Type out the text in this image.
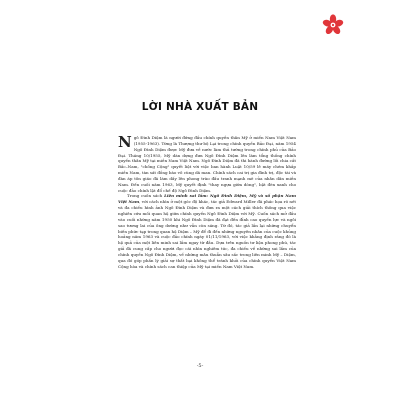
LỜI NHÀ XUẤT BẢN

Ngô Đình Diệm là người đứng đầu chính quyền thân Mỹ ở miền Nam Việt Nam (1955-1963). Từng là Thượng thư bộ Lại trong chính quyền Bảo Đại, năm 1954 Ngô Đình Diệm được Mỹ đưa về nước làm thủ tướng trong chính phủ của Bảo Đại. Tháng 10/1955, Mỹ dàn dựng đưa Ngô Đình Diệm lên làm tổng thống chính quyền thân Mỹ tại miền Nam Việt Nam. Ngô Đình Diệm đã thi hành đường lối chia cắt Bắc–Nam, "chống Cộng" quyết liệt với việc ban hành Luật 10/59 lê máy chém khắp miền Nam, tàn sát đồng bào vô cùng dã man. Chính sách cai trị gia đình trị, độc tài và đàn áp tôn giáo đã làm dấy lên phong trào đấu tranh mạnh mẽ của nhân dân miền Nam. Đến cuối năm 1963, Mỹ quyết định "thay ngựa giữa dòng", bật đèn xanh cho cuộc đảo chính lật đổ chế độ Ngô Đình Diệm.

Trong cuốn sách Liên minh sai lầm: Ngô Đình Diệm, Mỹ và số phận Nam Việt Nam, với cách nhìn ở một góc độ khác, tác giả Edward Miller đã phác họa rõ nét và đa chiều hình ảnh Ngô Đình Diệm và đưa ra một cách giải thích thông qua việc nghiên cứu mối quan hệ giữa chính quyền Ngô Đình Diệm với Mỹ. Cuốn sách mở đầu vào cuối những năm 1950 khi Ngô Đình Diệm đã đạt đến đỉnh cao quyền lực và ngôi sao tương lai của ông dường như vẫn còn sáng. Từ đó, tác giả lần lại những chuyển biến phức tạp trong quan hệ Diệm – Mỹ để đi đến những nguyên nhân của cuộc khủng hoảng năm 1963 và cuộc đảo chính ngày 01/11/1963, với việc khẳng định rằng đó là hệ quả của một liên minh sai lầm ngay từ đầu. Dựa trên nguồn tư liệu phong phú, tác giả đã cung cấp cho người đọc cái nhìn nghiêm túc, đa chiều về những sai lầm của chính quyền Ngô Đình Diệm, về những mâu thuẫn sâu sắc trong liên minh Mỹ – Diệm, qua đó góp phần lý giải sự thất bại không thể tránh khỏi của chính quyền Việt Nam Cộng hòa và chính sách can thiệp của Mỹ tại miền Nam Việt Nam.

-5-
